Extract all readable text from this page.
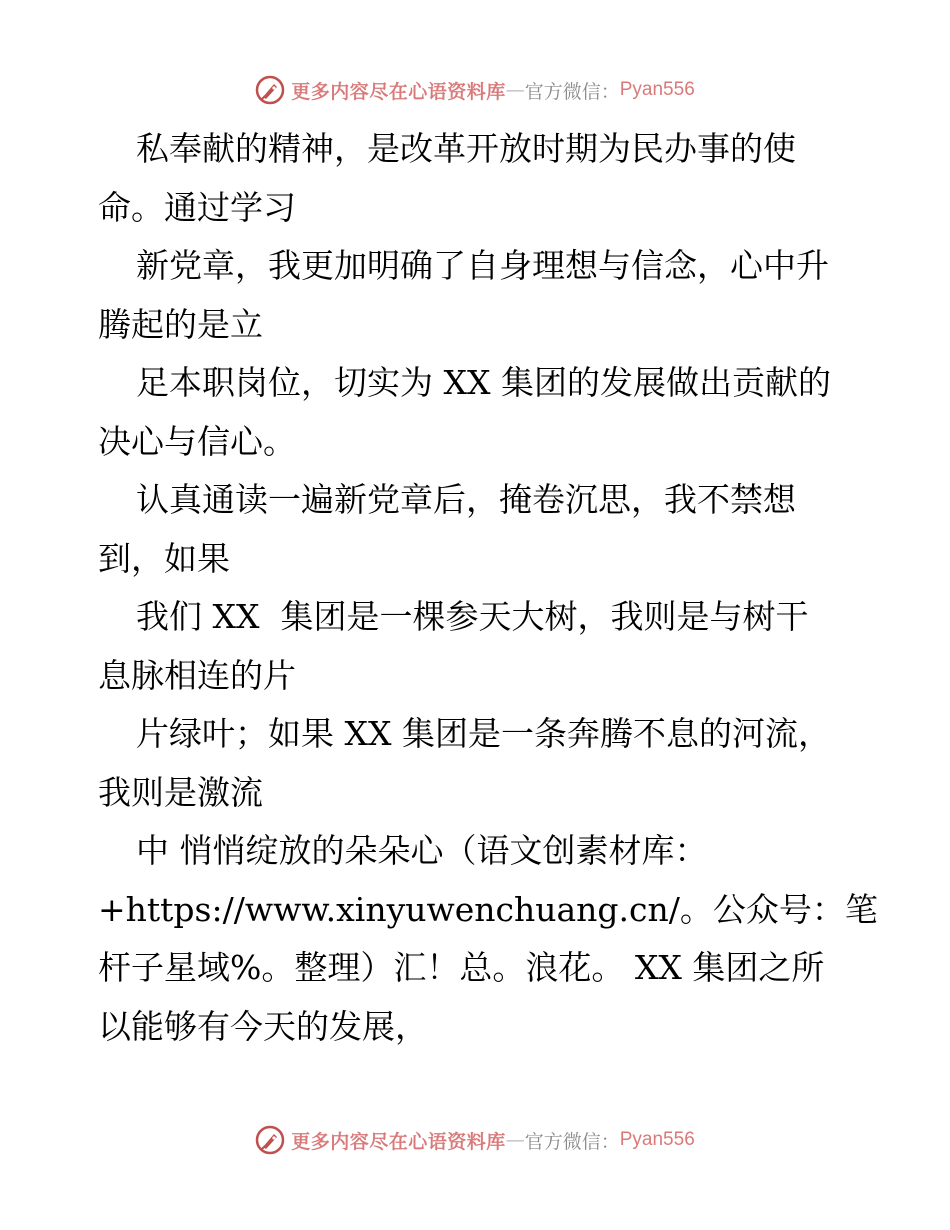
更多内容尽在心语资料库 — 官方微信： Pyan556
私奉献的精神，是改革开放时期为民办事的使
命。通过学习
新党章，我更加明确了自身理想与信念，心中升
腾起的是立
足本职岗位，切实为 XX 集团的发展做出贡献的
决心与信心。
认真通读一遍新党章后，掩卷沉思，我不禁想
到，如果
我们 XX  集团是一棵参天大树，我则是与树干
息脉相连的片
片绿叶；如果 XX 集团是一条奔腾不息的河流，
我则是激流
中 悄悄绽放的朵朵心（语文创素材库：
+https://www.xinyuwenchuang.cn/。公众号：笔
杆子星域%。整理）汇！总。浪花。 XX 集团之所
以能够有今天的发展，
更多内容尽在心语资料库 — 官方微信： Pyan556
